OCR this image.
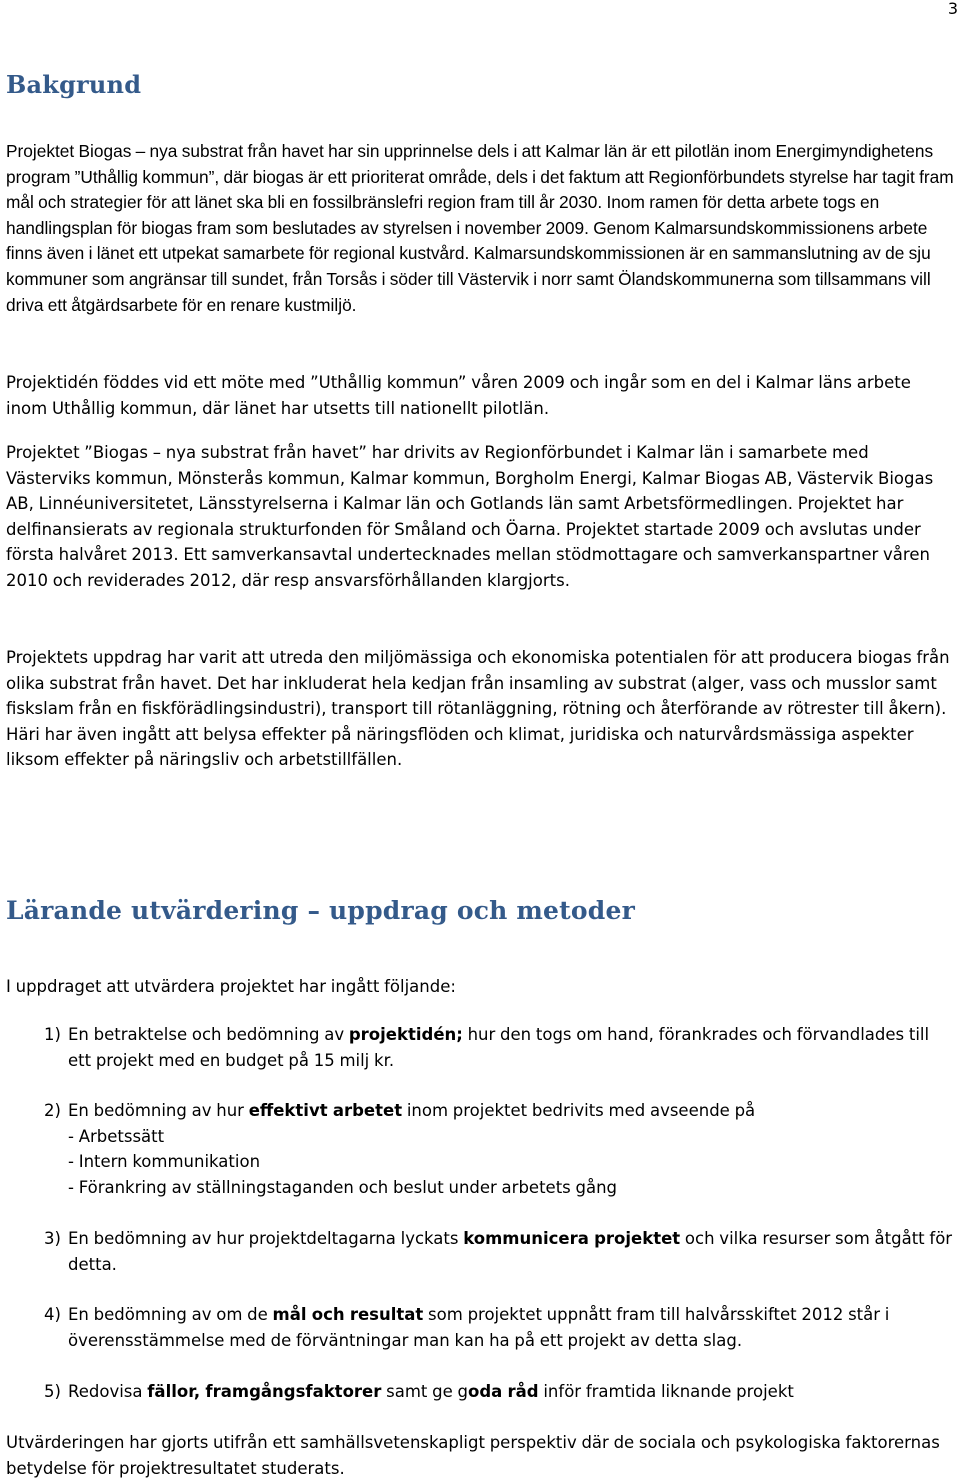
3
Bakgrund

Projektet Biogas – nya substrat från havet har sin upprinnelse dels i att Kalmar län är ett pilotlän inom Energimyndighetens program ”Uthållig kommun”, där biogas är ett prioriterat område, dels i det faktum att Regionförbundets styrelse har tagit fram mål och strategier för att länet ska bli en fossilbränslefri region fram till år 2030. Inom ramen för detta arbete togs en handlingsplan för biogas fram som beslutades av styrelsen i november 2009. Genom Kalmarsundskommissionens arbete finns även i länet ett utpekat samarbete för regional kustvård. Kalmarsundskommissionen är en sammanslutning av de sju kommuner som angränsar till sundet, från Torsås i söder till Västervik i norr samt Ölandskommunerna som tillsammans vill driva ett åtgärdsarbete för en renare kustmiljö.

Projektidén föddes vid ett möte med ”Uthållig kommun” våren 2009 och ingår som en del i Kalmar läns arbete inom Uthållig kommun, där länet har utsetts till nationellt pilotlän.

Projektet ”Biogas – nya substrat från havet” har drivits av Regionförbundet i Kalmar län i samarbete med Västerviks kommun, Mönsterås kommun, Kalmar kommun, Borgholm Energi, Kalmar Biogas AB, Västervik Biogas AB, Linnéuniversitetet, Länsstyrelserna i Kalmar län och Gotlands län samt Arbetsförmedlingen. Projektet har delfinansierats av regionala strukturfonden för Småland och Öarna. Projektet startade 2009 och avslutas under första halvåret 2013. Ett samverkansavtal undertecknades mellan stödmottagare och samverkanspartner våren 2010 och reviderades 2012, där resp ansvarsförhållanden klargjorts.

Projektets uppdrag har varit att utreda den miljömässiga och ekonomiska potentialen för att producera biogas från olika substrat från havet. Det har inkluderat hela kedjan från insamling av substrat (alger, vass och musslor samt fiskslam från en fiskförädlingsindustri), transport till rötanläggning, rötning och återförande av rötrester till åkern). Häri har även ingått att belysa effekter på näringsflöden och klimat, juridiska och naturvårdsmässiga aspekter liksom effekter på näringsliv och arbetstillfällen.

Lärande utvärdering – uppdrag och metoder

I uppdraget att utvärdera projektet har ingått följande:

1) En betraktelse och bedömning av projektidén; hur den togs om hand, förankrades och förvandlades till ett projekt med en budget på 15 milj kr.
2) En bedömning av hur effektivt arbetet inom projektet bedrivits med avseende på
- Arbetssätt
- Intern kommunikation
- Förankring av ställningstaganden och beslut under arbetets gång
3) En bedömning av hur projektdeltagarna lyckats kommunicera projektet och vilka resurser som åtgått för detta.
4) En bedömning av om de mål och resultat som projektet uppnått fram till halvårsskiftet 2012 står i överensstämmelse med de förväntningar man kan ha på ett projekt av detta slag.
5) Redovisa fällor, framgångsfaktorer samt ge goda råd inför framtida liknande projekt

Utvärderingen har gjorts utifrån ett samhällsvetenskapligt perspektiv där de sociala och psykologiska faktorernas betydelse för projektresultatet studerats.
